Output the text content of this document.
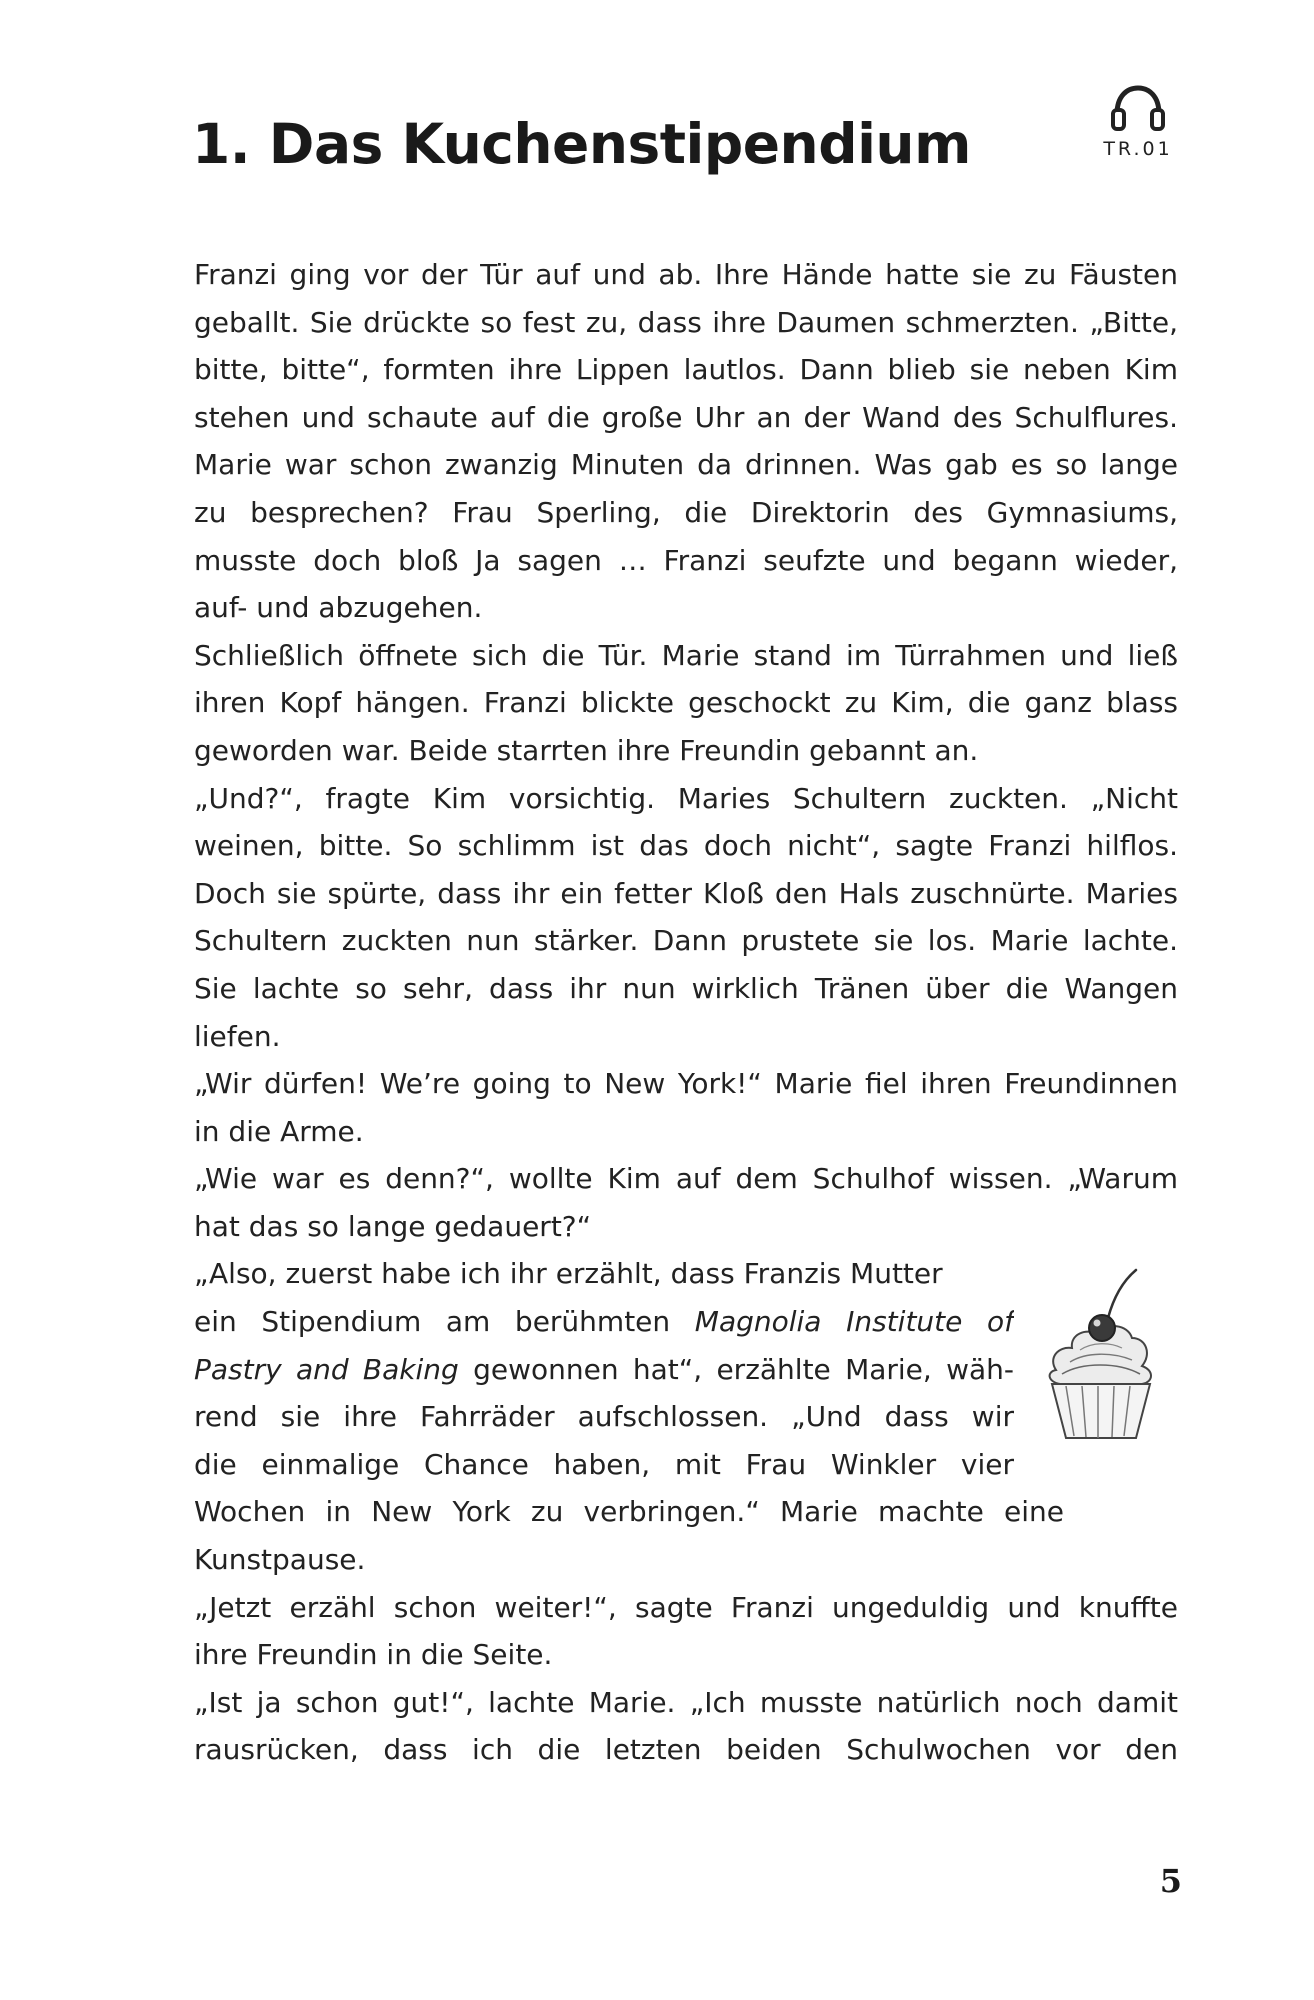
1. Das Kuchenstipendium	TR.01
Franzi ging vor der Tür auf und ab. Ihre Hände hatte sie zu Fäusten
geballt. Sie drückte so fest zu, dass ihre Daumen schmerzten. „Bitte,
bitte, bitte“, formten ihre Lippen lautlos. Dann blieb sie neben Kim
stehen und schaute auf die große Uhr an der Wand des Schulflures.
Marie war schon zwanzig Minuten da drinnen. Was gab es so lange
zu besprechen? Frau Sperling, die Direktorin des Gymnasiums,
musste doch bloß Ja sagen … Franzi seufzte und begann wieder,
auf- und abzugehen.
Schließlich öffnete sich die Tür. Marie stand im Türrahmen und ließ
ihren Kopf hängen. Franzi blickte geschockt zu Kim, die ganz blass
geworden war. Beide starrten ihre Freundin gebannt an.
„Und?“, fragte Kim vorsichtig. Maries Schultern zuckten. „Nicht
weinen, bitte. So schlimm ist das doch nicht“, sagte Franzi hilflos.
Doch sie spürte, dass ihr ein fetter Kloß den Hals zuschnürte. Maries
Schultern zuckten nun stärker. Dann prustete sie los. Marie lachte.
Sie lachte so sehr, dass ihr nun wirklich Tränen über die Wangen
liefen.
„Wir dürfen! We’re going to New York!“ Marie fiel ihren Freundinnen
in die Arme.
„Wie war es denn?“, wollte Kim auf dem Schulhof wissen. „Warum
hat das so lange gedauert?“
„Also, zuerst habe ich ihr erzählt, dass Franzis Mutter
ein Stipendium am berühmten Magnolia Institute of
Pastry and Baking gewonnen hat“, erzählte Marie, wäh-
rend sie ihre Fahrräder aufschlossen. „Und dass wir
die einmalige Chance haben, mit Frau Winkler vier
Wochen in New York zu verbringen.“ Marie machte eine
Kunstpause.
„Jetzt erzähl schon weiter!“, sagte Franzi ungeduldig und knuffte
ihre Freundin in die Seite.
„Ist ja schon gut!“, lachte Marie. „Ich musste natürlich noch damit
rausrücken, dass ich die letzten beiden Schulwochen vor den
5
